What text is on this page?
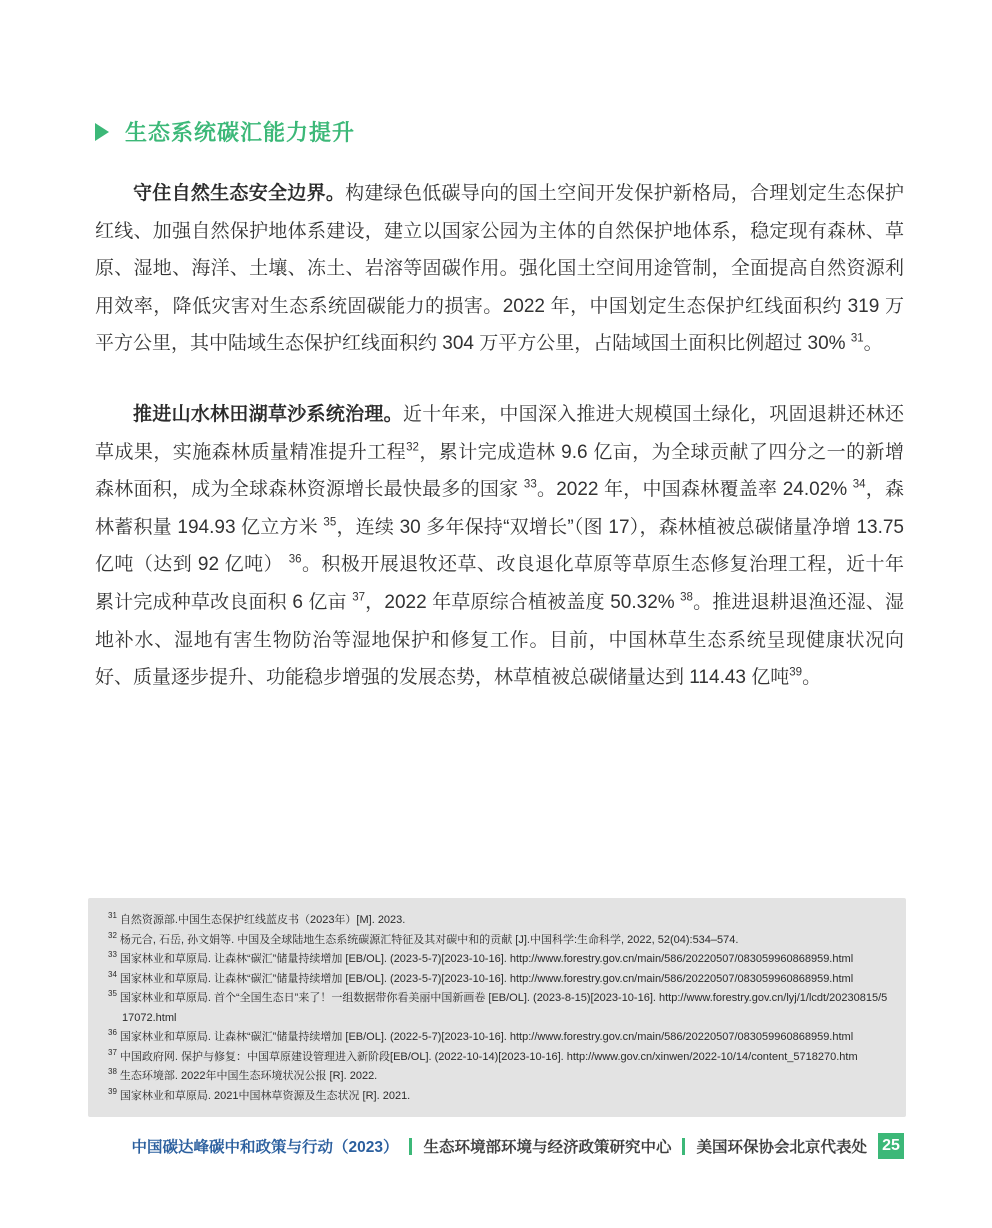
生态系统碳汇能力提升

守住自然生态安全边界。构建绿色低碳导向的国土空间开发保护新格局，合理划定生态保护红线、加强自然保护地体系建设，建立以国家公园为主体的自然保护地体系，稳定现有森林、草原、湿地、海洋、土壤、冻土、岩溶等固碳作用。强化国土空间用途管制，全面提高自然资源利用效率，降低灾害对生态系统固碳能力的损害。2022 年，中国划定生态保护红线面积约 319 万平方公里，其中陆域生态保护红线面积约 304 万平方公里，占陆域国土面积比例超过 30% $^{31}$。

推进山水林田湖草沙系统治理。近十年来，中国深入推进大规模国土绿化，巩固退耕还林还草成果，实施森林质量精准提升工程$^{32}$，累计完成造林 9.6 亿亩，为全球贡献了四分之一的新增森林面积，成为全球森林资源增长最快最多的国家 $^{33}$。2022 年，中国森林覆盖率 24.02% $^{34}$，森林蓄积量 194.93 亿立方米 $^{35}$，连续 30 多年保持“双增长”（图 17），森林植被总碳储量净增 13.75 亿吨（达到 92 亿吨） $^{36}$。积极开展退牧还草、改良退化草原等草原生态修复治理工程，近十年累计完成种草改良面积 6 亿亩 $^{37}$，2022 年草原综合植被盖度 50.32% $^{38}$。推进退耕退渔还湿、湿地补水、湿地有害生物防治等湿地保护和修复工作。目前，中国林草生态系统呈现健康状况向好、质量逐步提升、功能稳步增强的发展态势，林草植被总碳储量达到 114.43 亿吨$^{39}$。

$^{31}$ 自然资源部.中国生态保护红线蓝皮书（2023年）[M]. 2023.
$^{32}$ 杨元合, 石岳, 孙文娟等. 中国及全球陆地生态系统碳源汇特征及其对碳中和的贡献 [J].中国科学:生命科学, 2022, 52(04):534–574.
$^{33}$ 国家林业和草原局. 让森林“碳汇”储量持续增加 [EB/OL]. (2023-5-7)[2023-10-16]. http://www.forestry.gov.cn/main/586/20220507/083059960868959.html
$^{34}$ 国家林业和草原局. 让森林“碳汇”储量持续增加 [EB/OL]. (2023-5-7)[2023-10-16]. http://www.forestry.gov.cn/main/586/20220507/083059960868959.html
$^{35}$ 国家林业和草原局. 首个“全国生态日”来了！一组数据带你看美丽中国新画卷 [EB/OL]. (2023-8-15)[2023-10-16]. http://www.forestry.gov.cn/lyj/1/lcdt/20230815/517072.html
$^{36}$ 国家林业和草原局. 让森林“碳汇”储量持续增加 [EB/OL]. (2022-5-7)[2023-10-16]. http://www.forestry.gov.cn/main/586/20220507/083059960868959.html
$^{37}$ 中国政府网. 保护与修复：中国草原建设管理进入新阶段[EB/OL]. (2022-10-14)[2023-10-16]. http://www.gov.cn/xinwen/2022-10/14/content_5718270.htm
$^{38}$ 生态环境部. 2022年中国生态环境状况公报 [R]. 2022.
$^{39}$ 国家林业和草原局. 2021中国林草资源及生态状况 [R]. 2021.
中国碳达峰碳中和政策与行动（2023） 生态环境部环境与经济政策研究中心 美国环保协会北京代表处 25
